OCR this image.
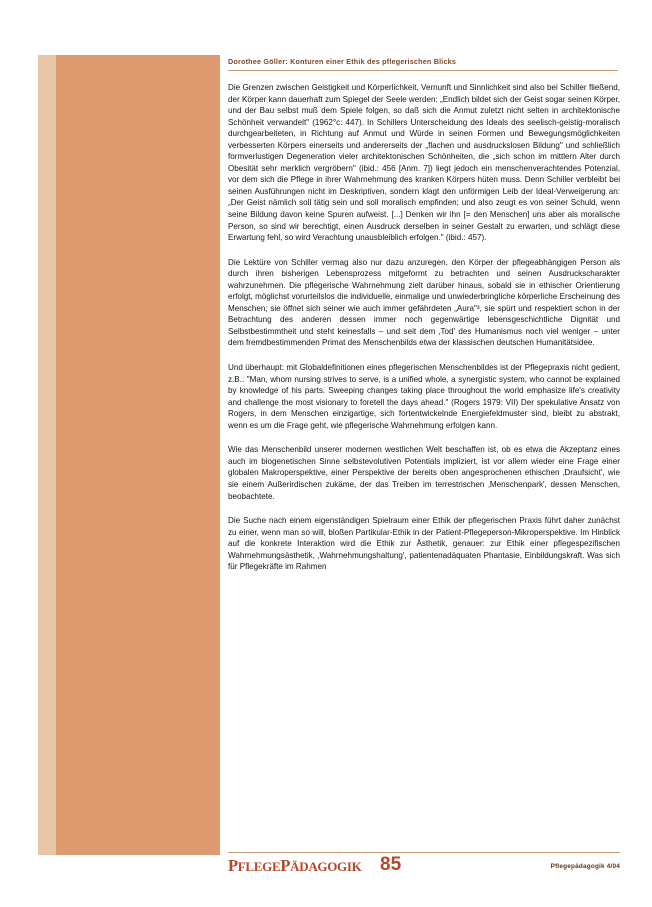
Dorothee Göller: Konturen einer Ethik des pflegerischen Blicks

Die Grenzen zwischen Geistigkeit und Körperlichkeit, Vernunft und Sinnlichkeit sind also bei Schiller fließend, der Körper kann dauerhaft zum Spiegel der Seele werden: „Endlich bildet sich der Geist sogar seinen Körper, und der Bau selbst muß dem Spiele folgen, so daß sich die Anmut zuletzt nicht selten in architektonische Schönheit verwandelt" (1962°c: 447). In Schillers Unterscheidung des Ideals des seelisch-geistig-moralisch durchgearbeiteten, in Richtung auf Anmut und Würde in seinen Formen und Bewegungsmöglichkeiten verbesserten Körpers einerseits und andererseits der „flachen und ausdruckslosen Bildung" und schließlich formverlustigen Degeneration vieler architektonischen Schönheiten, die „sich schon im mittlern Alter durch Obesität sehr merklich vergröbern" (ibid.: 456 [Anm. 7]) liegt jedoch ein menschenverachtendes Potenzial, vor dem sich die Pflege in ihrer Wahrnehmung des kranken Körpers hüten muss. Denn Schiller verbleibt bei seinen Ausführungen nicht im Deskriptiven, sondern klagt den unförmigen Leib der Ideal-Verweigerung an: „Der Geist nämlich soll tätig sein und soll moralisch empfinden; und also zeugt es von seiner Schuld, wenn seine Bildung davon keine Spuren aufweist. [...] Denken wir ihn [= den Menschen] uns aber als moralische Person, so sind wir berechtigt, einen Ausdruck derselben in seiner Gestalt zu erwarten, und schlägt diese Erwartung fehl, so wird Verachtung unausbleiblich erfolgen." (ibid.: 457).

Die Lektüre von Schiller vermag also nur dazu anzuregen, den Körper der pflegeabhängigen Person als durch ihren bisherigen Lebensprozess mitgeformt zu betrachten und seinen Ausdruckscharakter wahrzunehmen. Die pflegerische Wahrnehmung zielt darüber hinaus, sobald sie in ethischer Orientierung erfolgt, möglichst vorurteilslos die individuelle, einmalige und unwiederbringliche körperliche Erscheinung des Menschen; sie öffnet sich seiner wie auch immer gefährdeten „Aura"³, sie spürt und respektiert schon in der Betrachtung des anderen dessen immer noch gegenwärtige lebensgeschichtliche Dignität und Selbstbestimmtheit und steht keinesfalls – und seit dem ‚Tod' des Humanismus noch viel weniger – unter dem fremdbestimmenden Primat des Menschenbilds etwa der klassischen deutschen Humanitätsidee.

Und überhaupt: mit Globaldefinitionen eines pflegerischen Menschenbildes ist der Pflegepraxis nicht gedient, z.B.: "Man, whom nursing strives to serve, is a unified whole, a synergistic system, who cannot be explained by knowledge of his parts. Sweeping changes taking place throughout the world emphasize life's creativity and challenge the most visionary to foretell the days ahead." (Rogers 1979: VII) Der spekulative Ansatz von Rogers, in dem Menschen einzigartige, sich fortentwickelnde Energiefeldmuster sind, bleibt zu abstrakt, wenn es um die Frage geht, wie pflegerische Wahrnehmung erfolgen kann.

Wie das Menschenbild unserer modernen westlichen Welt beschaffen ist, ob es etwa die Akzeptanz eines auch im biogenetischen Sinne selbstevolutiven Potentials impliziert, ist vor allem wieder eine Frage einer globalen Makroperspektive, einer Perspektive der bereits oben angesprochenen ethischen ‚Draufsicht', wie sie einem Außerirdischen zukäme, der das Treiben im terrestrischen ‚Menschenpark', dessen Menschen, beobachtete.

Die Suche nach einem eigenständigen Spielraum einer Ethik der pflegerischen Praxis führt daher zunächst zu einer, wenn man so will, bloßen Partikular-Ethik in der Patient-Pflegeperson-Mikroperspektive. Im Hinblick auf die konkrete Interaktion wird die Ethik zur Ästhetik, genauer: zur Ethik einer pflegespezifischen Wahrnehmungsästhetik, ‚Wahrnehmungshaltung', patientenadäquaten Phantasie, Einbildungskraft. Was sich für Pflegekräfte im Rahmen

PFLEGEPÄDAGOGIK 85	Pflegepädagogik 4/04
